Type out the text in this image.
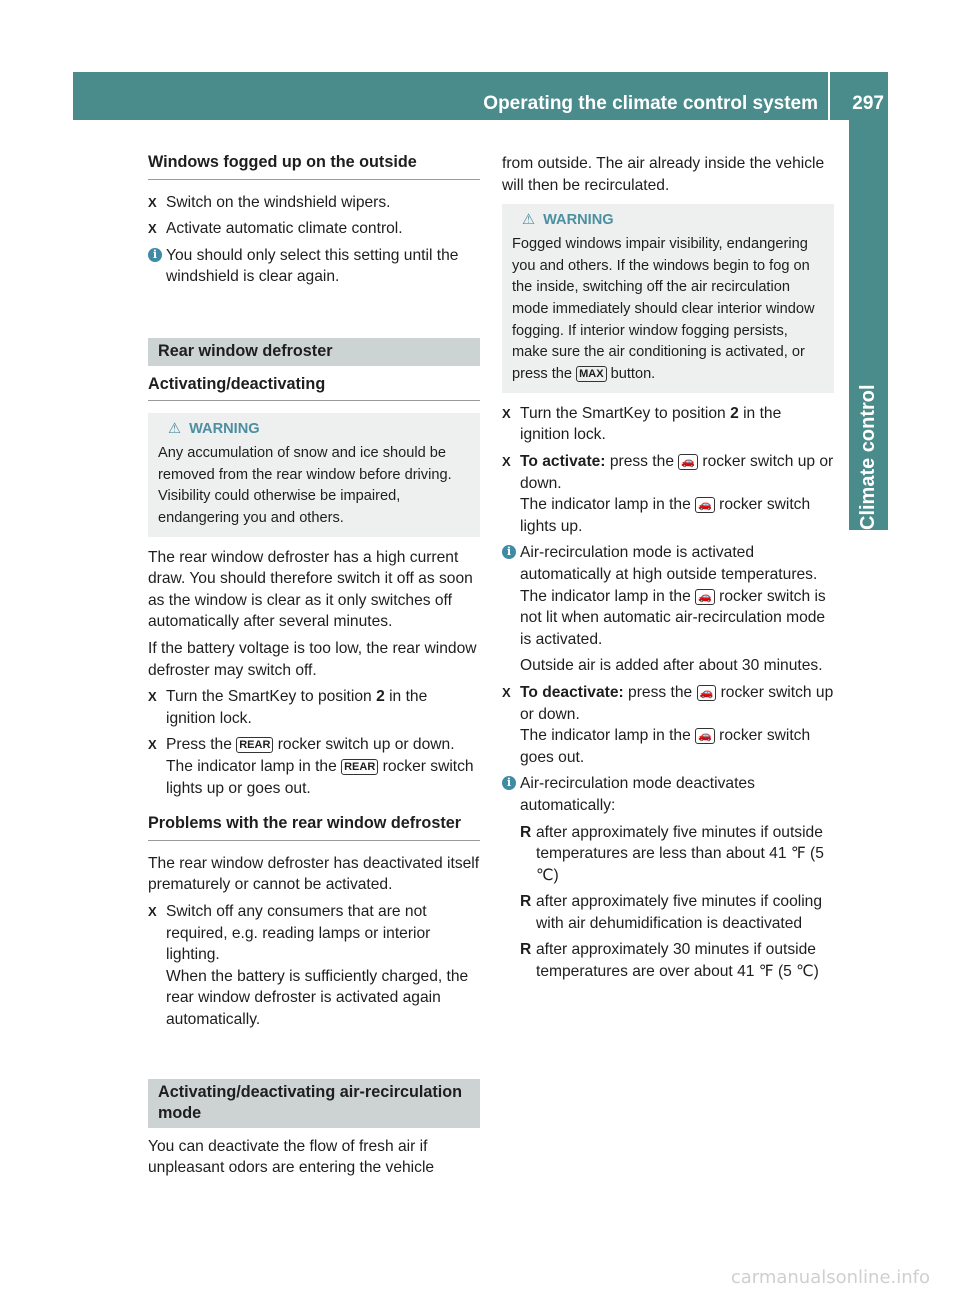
Operating the climate control system 297
Climate control
Windows fogged up on the outside
X Switch on the windshield wipers.
X Activate automatic climate control.
i You should only select this setting until the windshield is clear again.
Rear window defroster
Activating/deactivating
⚠ WARNING
Any accumulation of snow and ice should be removed from the rear window before driving. Visibility could otherwise be impaired, endangering you and others.

The rear window defroster has a high current draw. You should therefore switch it off as soon as the window is clear as it only switches off automatically after several minutes.

If the battery voltage is too low, the rear window defroster may switch off.

X Turn the SmartKey to position 2 in the ignition lock.
X Press the REAR rocker switch up or down.
The indicator lamp in the REAR rocker switch lights up or goes out.
Problems with the rear window defroster

The rear window defroster has deactivated itself prematurely or cannot be activated.

X Switch off any consumers that are not required, e.g. reading lamps or interior lighting.
When the battery is sufficiently charged, the rear window defroster is activated again automatically.
Activating/deactivating air-recirculation mode

You can deactivate the flow of fresh air if unpleasant odors are entering the vehicle

from outside. The air already inside the vehicle will then be recirculated.

⚠ WARNING
Fogged windows impair visibility, endangering you and others. If the windows begin to fog on the inside, switching off the air recirculation mode immediately should clear interior window fogging. If interior window fogging persists, make sure the air conditioning is activated, or press the MAX button.
X Turn the SmartKey to position 2 in the ignition lock.
X To activate: press the 🚗 rocker switch up or down.
The indicator lamp in the 🚗 rocker switch lights up.
i Air-recirculation mode is activated automatically at high outside temperatures. The indicator lamp in the 🚗 rocker switch is not lit when automatic air-recirculation mode is activated.
Outside air is added after about 30 minutes.
X To deactivate: press the 🚗 rocker switch up or down.
The indicator lamp in the 🚗 rocker switch goes out.
i Air-recirculation mode deactivates automatically:
R after approximately five minutes if outside temperatures are less than about 41 ℉ (5 ℃)
R after approximately five minutes if cooling with air dehumidification is deactivated
R after approximately 30 minutes if outside temperatures are over about 41 ℉ (5 ℃)
carmanualsonline.info
